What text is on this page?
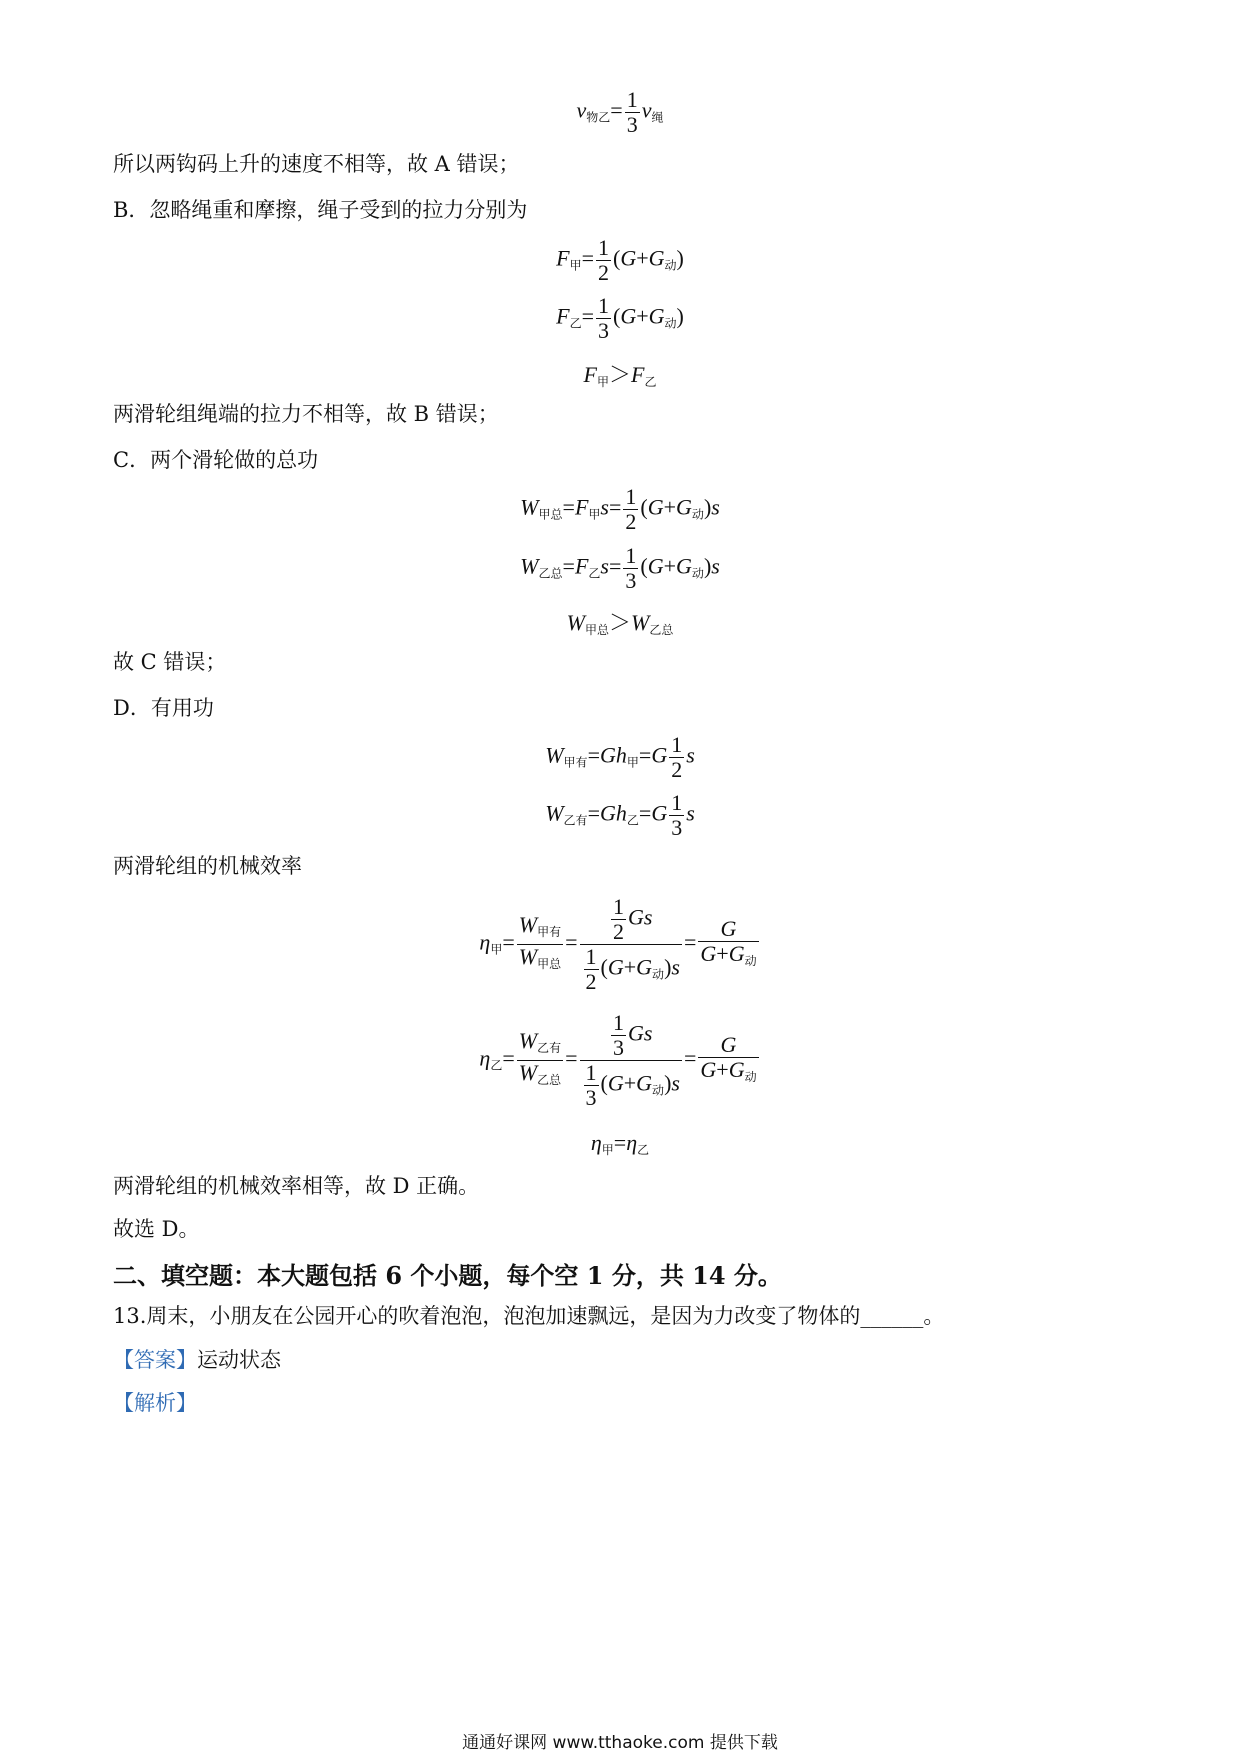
$v_{物乙}= \frac{1}{3} v_绳$
所以两钩码上升的速度不相等，故 A 错误；
B．忽略绳重和摩擦，绳子受到的拉力分别为
$F_甲= \frac{1}{2} (G+G_动)$
$F_乙= \frac{1}{3} (G+G_动)$
$F_甲>F_乙$
两滑轮组绳端的拉力不相等，故 B 错误；
C．两个滑轮做的总功
$W_{甲总}=F_甲s= \frac{1}{2} (G+G_动)s$
$W_{乙总}=F_乙s= \frac{1}{3} (G+G_动)s$
$W_{甲总}>W_{乙总}$
故 C 错误；
D．有用功
$W_{甲有}=Gh_甲=G \frac{1}{2}$ s
$W_{乙有}=Gh_乙=G \frac{1}{3}$ s
两滑轮组的机械效率
$\eta_甲= \frac{W_{甲有}}{W_{甲总}} = \frac{\frac{1}{2} Gs}{\frac{1}{2} (G+G_动)s} = \frac{G}{G+G_动}$
$\eta_乙= \frac{W_{乙有}}{W_{乙总}} = \frac{\frac{1}{3} Gs}{\frac{1}{3} (G+G_动)s} = \frac{G}{G+G_动}$
$\eta_甲=\eta_乙$
两滑轮组的机械效率相等，故 D 正确。
故选 D。
二、填空题：本大题包括 6 个小题，每个空 1 分，共 14 分。
13.周末，小朋友在公园开心的吹着泡泡，泡泡加速飘远，是因为力改变了物体的______。
【答案】运动状态
【解析】
通通好课网 www.tthaoke.com 提供下载
